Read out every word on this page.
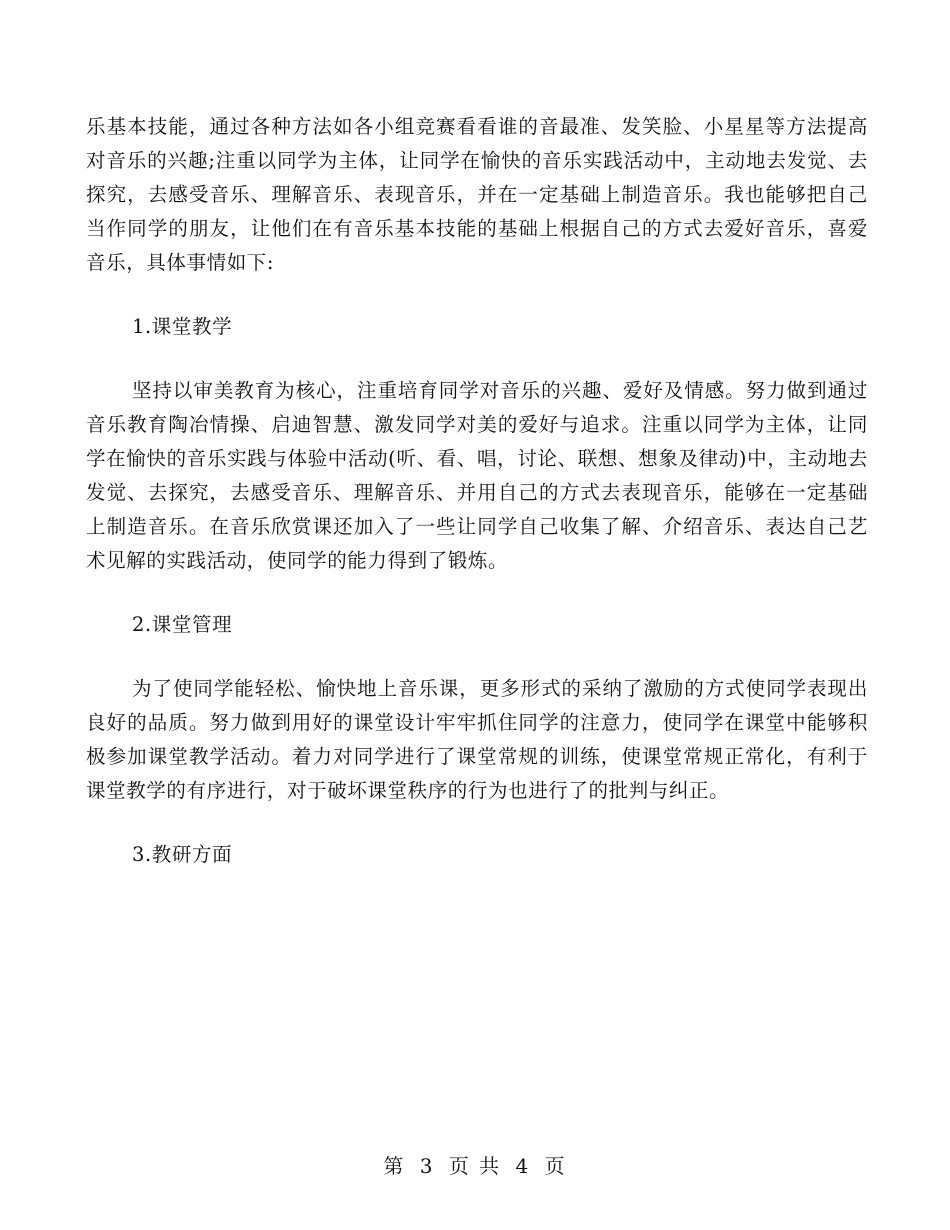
乐基本技能，通过各种方法如各小组竞赛看看谁的音最准、发笑脸、小星星等方法提高对音乐的兴趣;注重以同学为主体，让同学在愉快的音乐实践活动中，主动地去发觉、去探究，去感受音乐、理解音乐、表现音乐，并在一定基础上制造音乐。我也能够把自己当作同学的朋友，让他们在有音乐基本技能的基础上根据自己的方式去爱好音乐，喜爱音乐，具体事情如下:

1.课堂教学

坚持以审美教育为核心，注重培育同学对音乐的兴趣、爱好及情感。努力做到通过音乐教育陶冶情操、启迪智慧、激发同学对美的爱好与追求。注重以同学为主体，让同学在愉快的音乐实践与体验中活动(听、看、唱，讨论、联想、想象及律动)中，主动地去发觉、去探究，去感受音乐、理解音乐、并用自己的方式去表现音乐，能够在一定基础上制造音乐。在音乐欣赏课还加入了一些让同学自己收集了解、介绍音乐、表达自己艺术见解的实践活动，使同学的能力得到了锻炼。

2.课堂管理

为了使同学能轻松、愉快地上音乐课，更多形式的采纳了激励的方式使同学表现出良好的品质。努力做到用好的课堂设计牢牢抓住同学的注意力，使同学在课堂中能够积极参加课堂教学活动。着力对同学进行了课堂常规的训练，使课堂常规正常化，有利于课堂教学的有序进行，对于破坏课堂秩序的行为也进行了的批判与纠正。

3.教研方面

第 3 页 共 4 页
